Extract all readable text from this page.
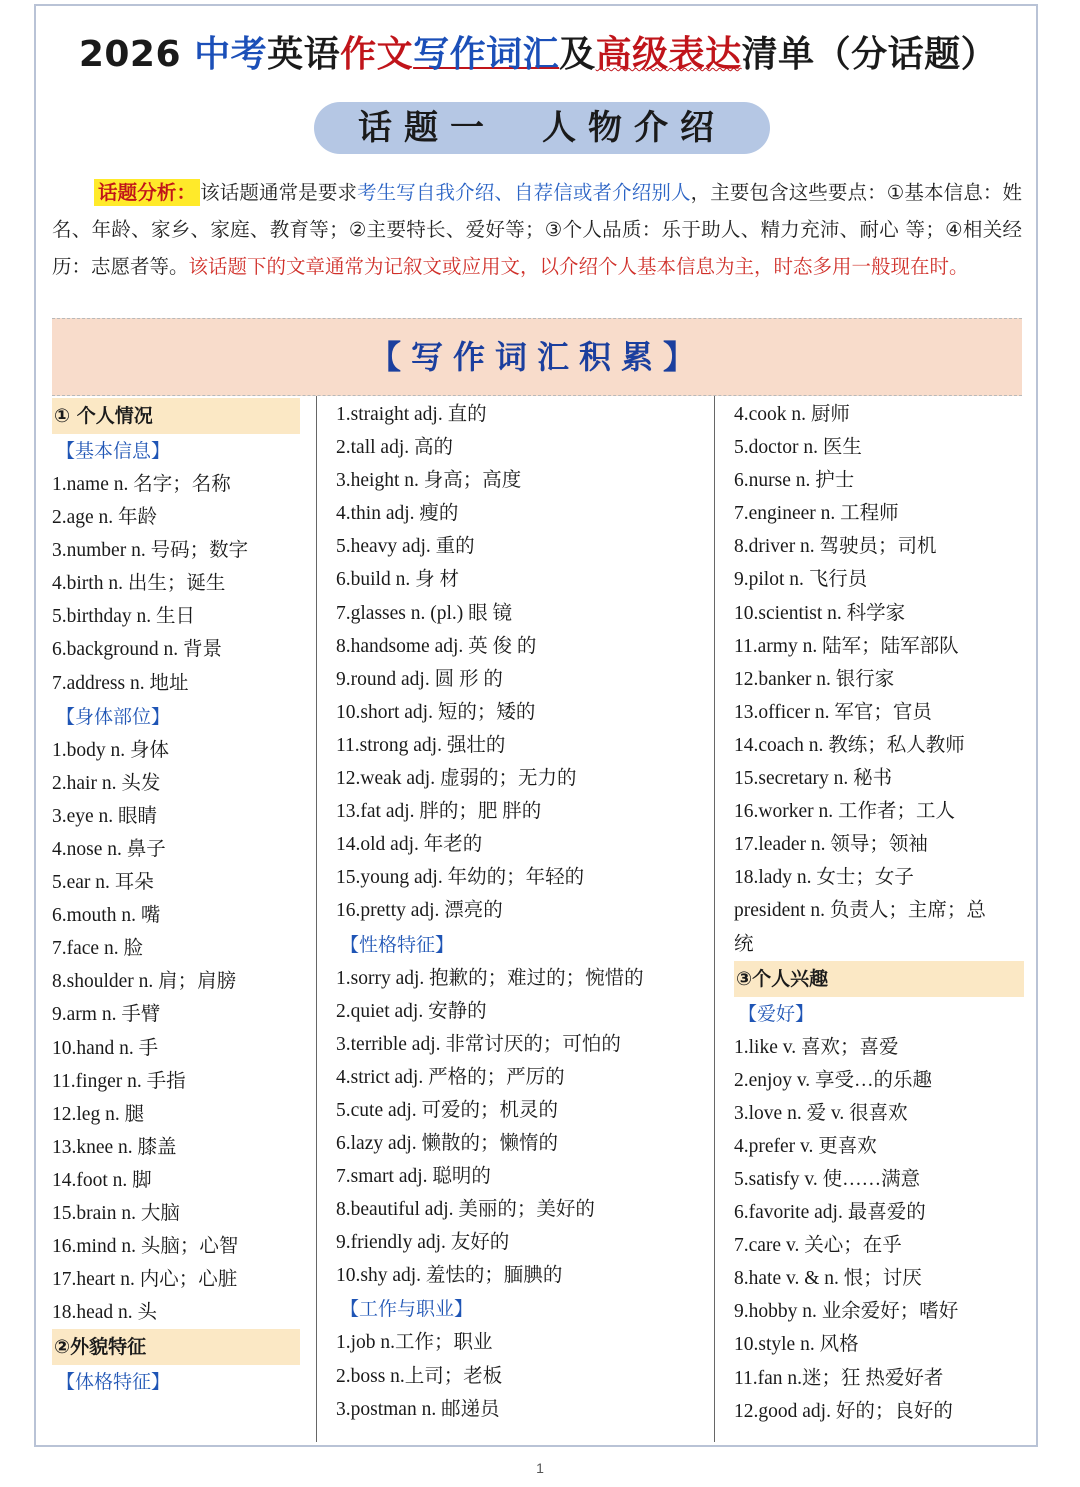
2026 中考英语作文写作词汇及高级表达清单（分话题）
话题一　人物介绍
话题分析： 该话题通常是要求考生写自我介绍、自荐信或者介绍别人，主要包含这些要点：①基本信息：姓名、年龄、家乡、家庭、教育等；②主要特长、爱好等；③个人品质：乐于助人、精力充沛、耐心 等；④相关经历：志愿者等。该话题下的文章通常为记叙文或应用文，以介绍个人基本信息为主，时态多用一般现在时。
【写作词汇积累】
① 个人情况
【基本信息】
1.name n. 名字；名称
2.age n. 年龄
3.number n. 号码；数字
4.birth n. 出生；诞生
5.birthday n. 生日
6.background n. 背景
7.address n. 地址
【身体部位】
1.body n. 身体
2.hair n. 头发
3.eye n. 眼睛
4.nose n. 鼻子
5.ear n. 耳朵
6.mouth n. 嘴
7.face n. 脸
8.shoulder n. 肩；肩膀
9.arm n. 手臂
10.hand n. 手
11.finger n. 手指
12.leg n. 腿
13.knee n. 膝盖
14.foot n. 脚
15.brain n. 大脑
16.mind n. 头脑；心智
17.heart n. 内心；心脏
18.head n. 头
②外貌特征
【体格特征】
1.straight adj. 直的
2.tall adj. 高的
3.height n. 身高；高度
4.thin adj. 瘦的
5.heavy adj. 重的
6.build n. 身 材
7.glasses n. (pl.) 眼 镜
8.handsome adj. 英 俊 的
9.round adj. 圆 形 的
10.short adj. 短的；矮的
11.strong adj. 强壮的
12.weak adj. 虚弱的；无力的
13.fat adj. 胖的；肥 胖的
14.old adj. 年老的
15.young adj. 年幼的；年轻的
16.pretty adj. 漂亮的
【性格特征】
1.sorry adj. 抱歉的；难过的；惋惜的
2.quiet adj. 安静的
3.terrible adj. 非常讨厌的；可怕的
4.strict adj. 严格的；严厉的
5.cute adj. 可爱的；机灵的
6.lazy adj. 懒散的；懒惰的
7.smart adj. 聪明的
8.beautiful adj. 美丽的；美好的
9.friendly adj. 友好的
10.shy adj. 羞怯的；腼腆的
【工作与职业】
1.job n.工作；职业
2.boss n.上司；老板
3.postman n. 邮递员
4.cook n. 厨师
5.doctor n. 医生
6.nurse n. 护士
7.engineer n. 工程师
8.driver n. 驾驶员；司机
9.pilot n. 飞行员
10.scientist n. 科学家
11.army n. 陆军；陆军部队
12.banker n. 银行家
13.officer n. 军官；官员
14.coach n. 教练；私人教师
15.secretary n. 秘书
16.worker n. 工作者；工人
17.leader n. 领导；领袖
18.lady n. 女士；女子
president n. 负责人；主席；总
统
③个人兴趣
【爱好】
1.like v. 喜欢；喜爱
2.enjoy v. 享受…的乐趣
3.love n. 爱 v. 很喜欢
4.prefer v. 更喜欢
5.satisfy v. 使……满意
6.favorite adj. 最喜爱的
7.care v. 关心；在乎
8.hate v. & n. 恨；讨厌
9.hobby n. 业余爱好；嗜好
10.style n. 风格
11.fan n.迷；狂 热爱好者
12.good adj. 好的；良好的
1
